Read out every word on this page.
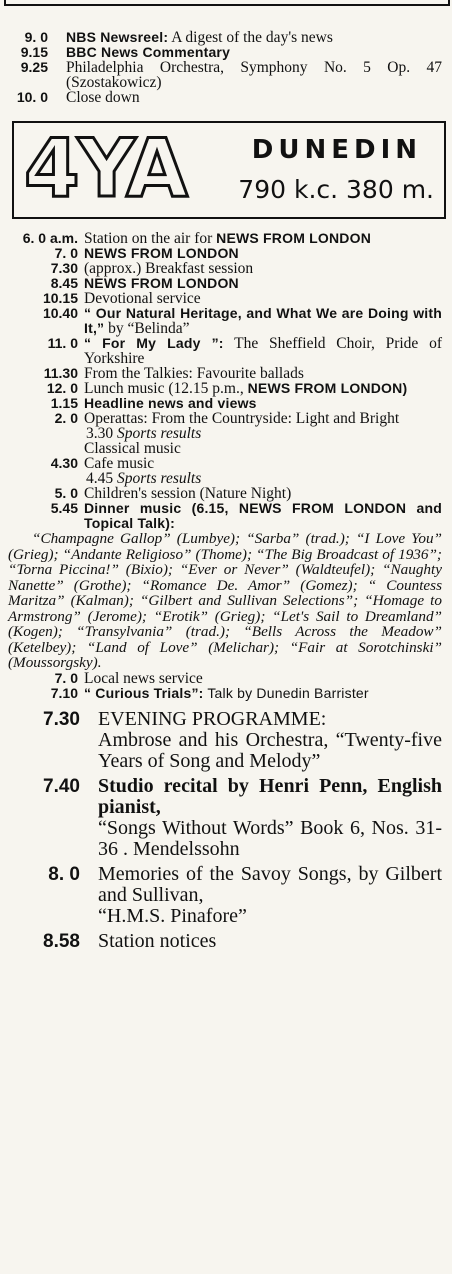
9. 0	NBS Newsreel: A digest of the day's news
9.15	BBC News Commentary
9.25	Philadelphia Orchestra, Symphony No. 5 Op. 47 (Szostakowicz)
10. 0	Close down
4YA	DUNEDIN
790 k.c. 380 m.
6. 0 a.m. Station on the air for NEWS FROM LONDON
7. 0 NEWS FROM LONDON
7.30 (approx.) Breakfast session
8.45 NEWS FROM LONDON
10.15 Devotional service
10.40 “ Our Natural Heritage, and What We are Doing with It,” by “Belinda”
11. 0 “ For My Lady ”: The Sheffield Choir, Pride of Yorkshire
11.30 From the Talkies: Favourite ballads
12. 0 Lunch music (12.15 p.m., NEWS FROM LONDON)
1.15 Headline news and views
2. 0 Operattas: From the Countryside: Light and Bright
3.30 Sports results
Classical music
4.30 Cafe music
4.45 Sports results
5. 0 Children's session (Nature Night)
5.45 Dinner music (6.15, NEWS FROM LONDON and Topical Talk):
“Champagne Gallop” (Lumbye); “Sarba” (trad.); “I Love You” (Grieg); “Andante Religioso” (Thome); “The Big Broadcast of 1936”; “Torna Piccina!” (Bixio); “Ever or Never” (Waldteufel); “Naughty Nanette” (Grothe); “Romance De. Amor” (Gomez); “ Countess Maritza” (Kalman); “Gilbert and Sullivan Selections”; “Homage to Armstrong” (Jerome); “Erotik” (Grieg); “Let's Sail to Dreamland” (Kogen); “Transylvania” (trad.); “Bells Across the Meadow” (Ketelbey); “Land of Love” (Melichar); “Fair at Sorotchinski” (Moussorgsky).
7. 0 Local news service
7.10 “ Curious Trials”: Talk by Dunedin Barrister
7.30 EVENING PROGRAMME:
Ambrose and his Orchestra, “Twenty-five Years of Song and Melody”
7.40 Studio recital by Henri Penn, English pianist,
“Songs Without Words” Book 6, Nos. 31-36 . Mendelssohn
8. 0 Memories of the Savoy Songs, by Gilbert and Sullivan,
“H.M.S. Pinafore”
8.58 Station notices
